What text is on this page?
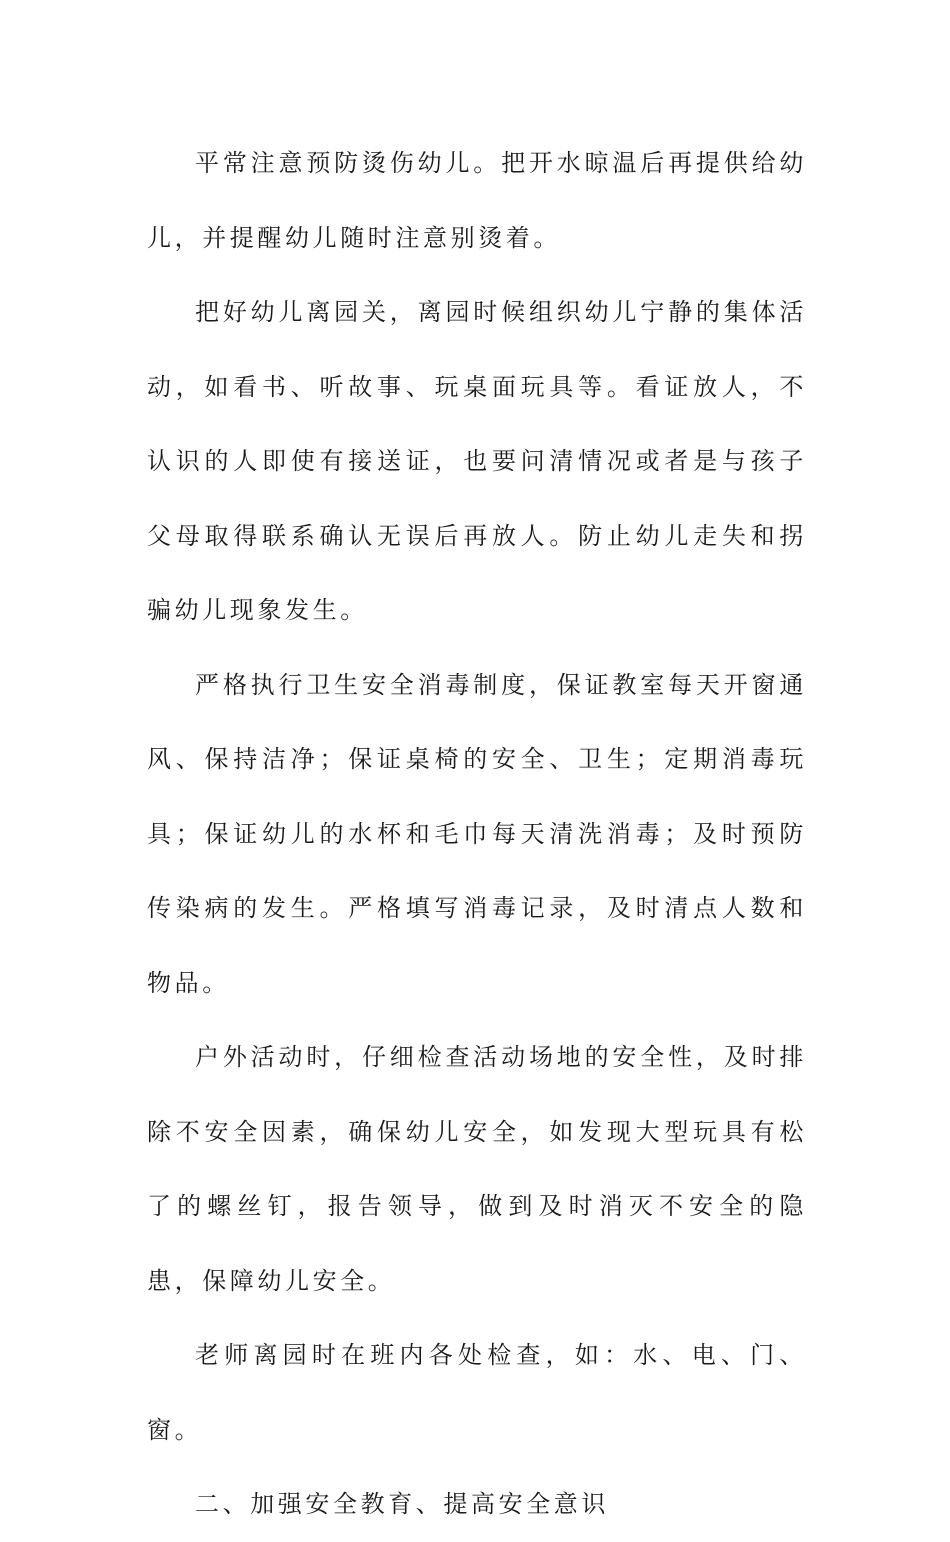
平常注意预防烫伤幼儿。把开水晾温后再提供给幼儿，并提醒幼儿随时注意别烫着。

把好幼儿离园关，离园时候组织幼儿宁静的集体活动，如看书、听故事、玩桌面玩具等。看证放人，不认识的人即使有接送证，也要问清情况或者是与孩子父母取得联系确认无误后再放人。防止幼儿走失和拐骗幼儿现象发生。

严格执行卫生安全消毒制度，保证教室每天开窗通风、保持洁净；保证桌椅的安全、卫生；定期消毒玩具；保证幼儿的水杯和毛巾每天清洗消毒；及时预防传染病的发生。严格填写消毒记录，及时清点人数和物品。

户外活动时，仔细检查活动场地的安全性，及时排除不安全因素，确保幼儿安全，如发现大型玩具有松了的螺丝钉，报告领导，做到及时消灭不安全的隐患，保障幼儿安全。

老师离园时在班内各处检查，如：水、电、门、窗。

二、加强安全教育、提高安全意识
